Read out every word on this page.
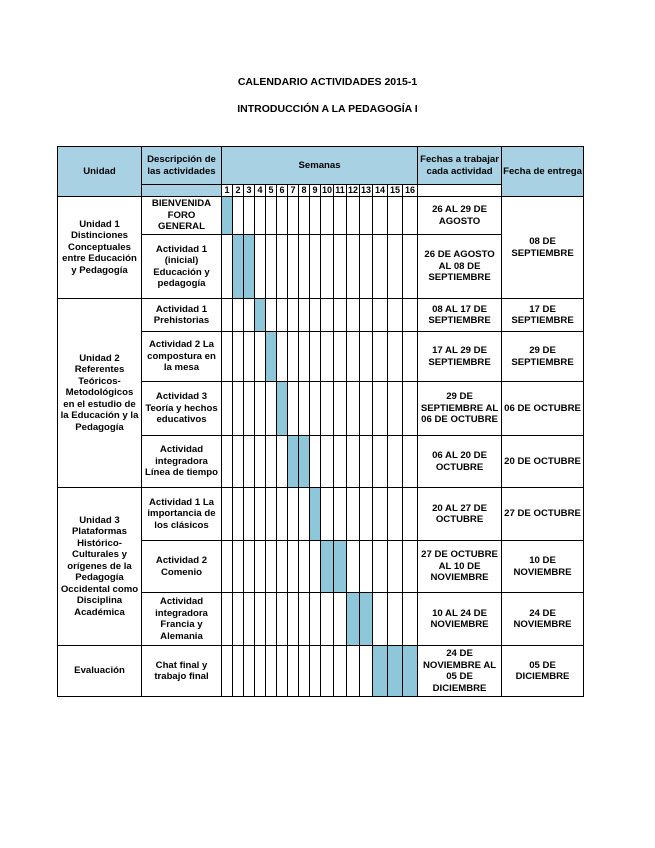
CALENDARIO ACTIVIDADES 2015-1
INTRODUCCIÓN A LA PEDAGOGÍA I
Unidad	Descripción de las actividades	Semanas																Fechas a trabajar cada actividad	Fecha de entrega
		1	2	3	4	5	6	7	8	9	10	11	12	13	14	15	16		
Unidad 1 Distinciones Conceptuales entre Educación y Pedagogía	BIENVENIDA FORO GENERAL																	26 AL 29 DE AGOSTO	08 DE SEPTIEMBRE
	Actividad 1 (inicial) Educación y pedagogía																	26 DE AGOSTO AL 08 DE SEPTIEMBRE	
Unidad 2 Referentes Teóricos-Metodológicos en el estudio de la Educación y la Pedagogía	Actividad 1 Prehistorias																	08 AL 17 DE SEPTIEMBRE	17 DE SEPTIEMBRE
	Actividad 2 La compostura en la mesa																	17 AL 29 DE SEPTIEMBRE	29 DE SEPTIEMBRE
	Actividad 3 Teoría y hechos educativos																	29 DE SEPTIEMBRE AL 06 DE OCTUBRE	06 DE OCTUBRE
	Actividad integradora Línea de tiempo																	06 AL 20 DE OCTUBRE	20 DE OCTUBRE
Unidad 3 Plataformas Histórico-Culturales y orígenes de la Pedagogía Occidental como Disciplina Académica	Actividad 1 La importancia de los clásicos																	20 AL 27 DE OCTUBRE	27 DE OCTUBRE
	Actividad 2 Comenio																	27 DE OCTUBRE AL 10 DE NOVIEMBRE	10 DE NOVIEMBRE
	Actividad integradora Francia y Alemania																	10 AL 24 DE NOVIEMBRE	24 DE NOVIEMBRE
Evaluación	Chat final y trabajo final																	24 DE NOVIEMBRE AL 05 DE DICIEMBRE	05 DE DICIEMBRE
